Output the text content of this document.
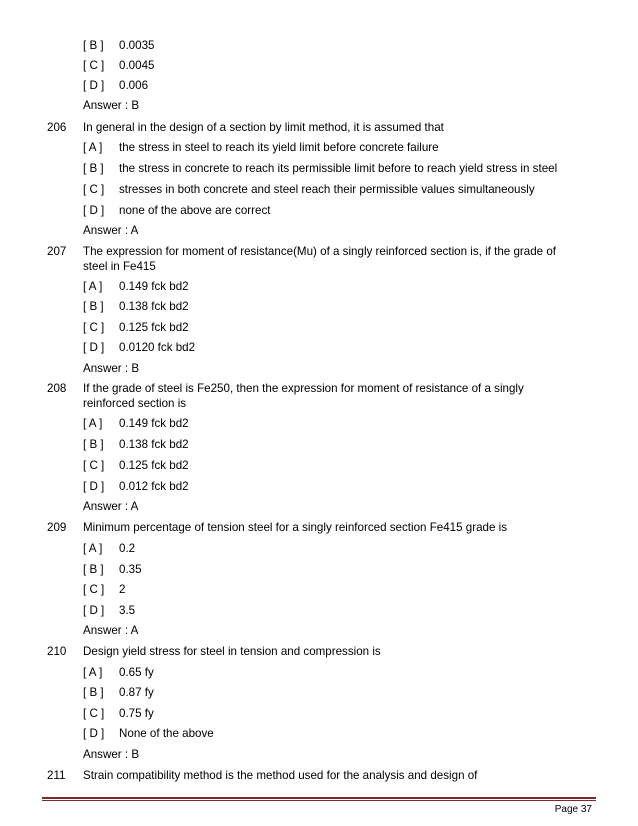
[ B ] 0.0035
[ C ] 0.0045
[ D ] 0.006
Answer : B
206 In general in the design of a section by limit method, it is assumed that
[ A ] the stress in steel to reach its yield limit before concrete failure
[ B ] the stress in concrete to reach its permissible limit before to reach yield stress in steel
[ C ] stresses in both concrete and steel reach their permissible values simultaneously
[ D ] none of the above are correct
Answer : A
207 The expression for moment of resistance(Mu) of a singly reinforced section is, if the grade of
steel in Fe415
[ A ] 0.149 fck bd2
[ B ] 0.138 fck bd2
[ C ] 0.125 fck bd2
[ D ] 0.0120 fck bd2
Answer : B
208 If the grade of steel is Fe250, then the expression for moment of resistance of a singly
reinforced section is
[ A ] 0.149 fck bd2
[ B ] 0.138 fck bd2
[ C ] 0.125 fck bd2
[ D ] 0.012 fck bd2
Answer : A
209 Minimum percentage of tension steel for a singly reinforced section Fe415 grade is
[ A ] 0.2
[ B ] 0.35
[ C ] 2
[ D ] 3.5
Answer : A
210 Design yield stress for steel in tension and compression is
[ A ] 0.65 fy
[ B ] 0.87 fy
[ C ] 0.75 fy
[ D ] None of the above
Answer : B
211 Strain compatibility method is the method used for the analysis and design of
Page 37
